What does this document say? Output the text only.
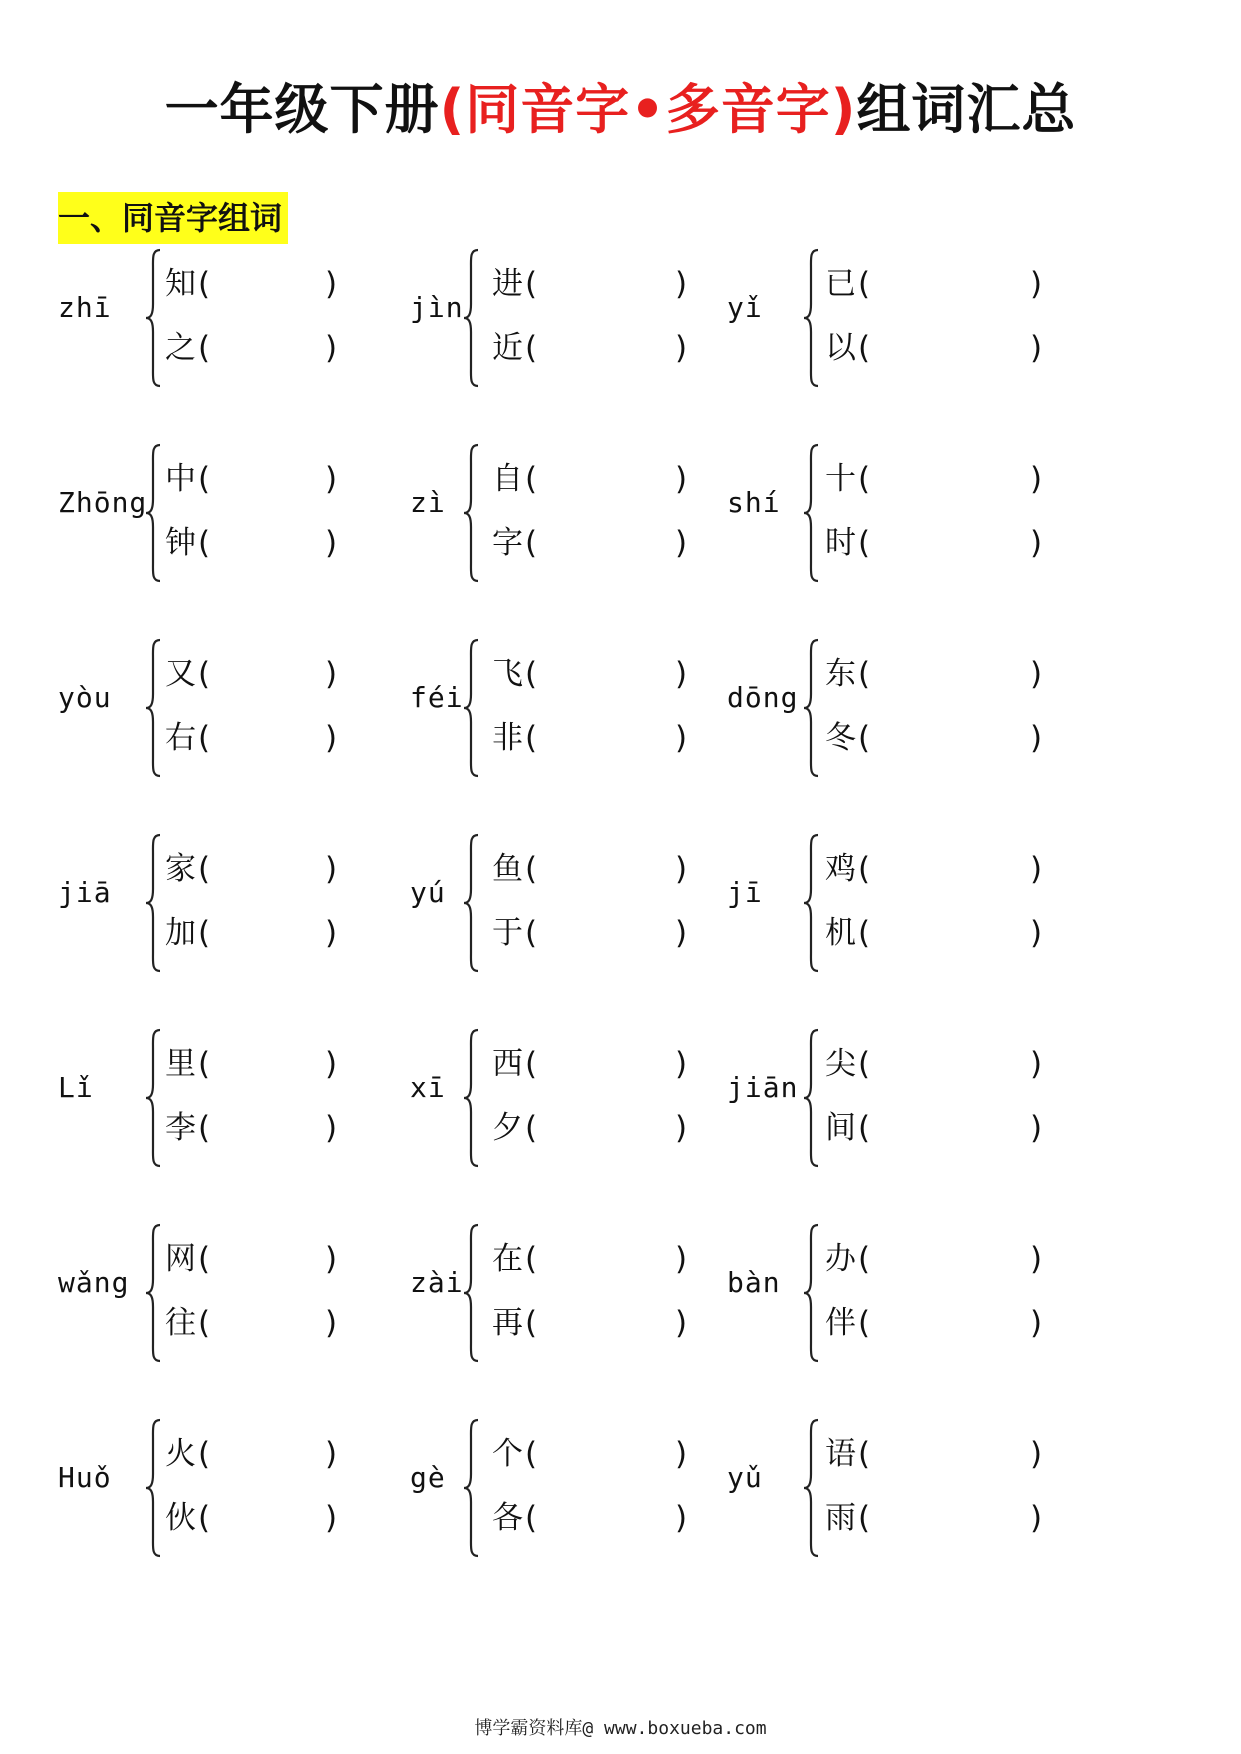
一年级下册(同音字•多音字)组词汇总
一、同音字组词
zhī
知(	)
之(	)
jìn
进(	)
近(	)
yǐ
已(	)
以(	)
Zhōng
中(	)
钟(	)
zì
自(	)
字(	)
shí
十(	)
时(	)
yòu
又(	)
右(	)
féi
飞(	)
非(	)
dōng
东(	)
冬(	)
jiā
家(	)
加(	)
yú
鱼(	)
于(	)
jī
鸡(	)
机(	)
Lǐ
里(	)
李(	)
xī
西(	)
夕(	)
jiān
尖(	)
间(	)
wǎng
网(	)
往(	)
zài
在(	)
再(	)
bàn
办(	)
伴(	)
Huǒ
火(	)
伙(	)
gè
个(	)
各(	)
yǔ
语(	)
雨(	)
博学霸资料库@ www.boxueba.com
